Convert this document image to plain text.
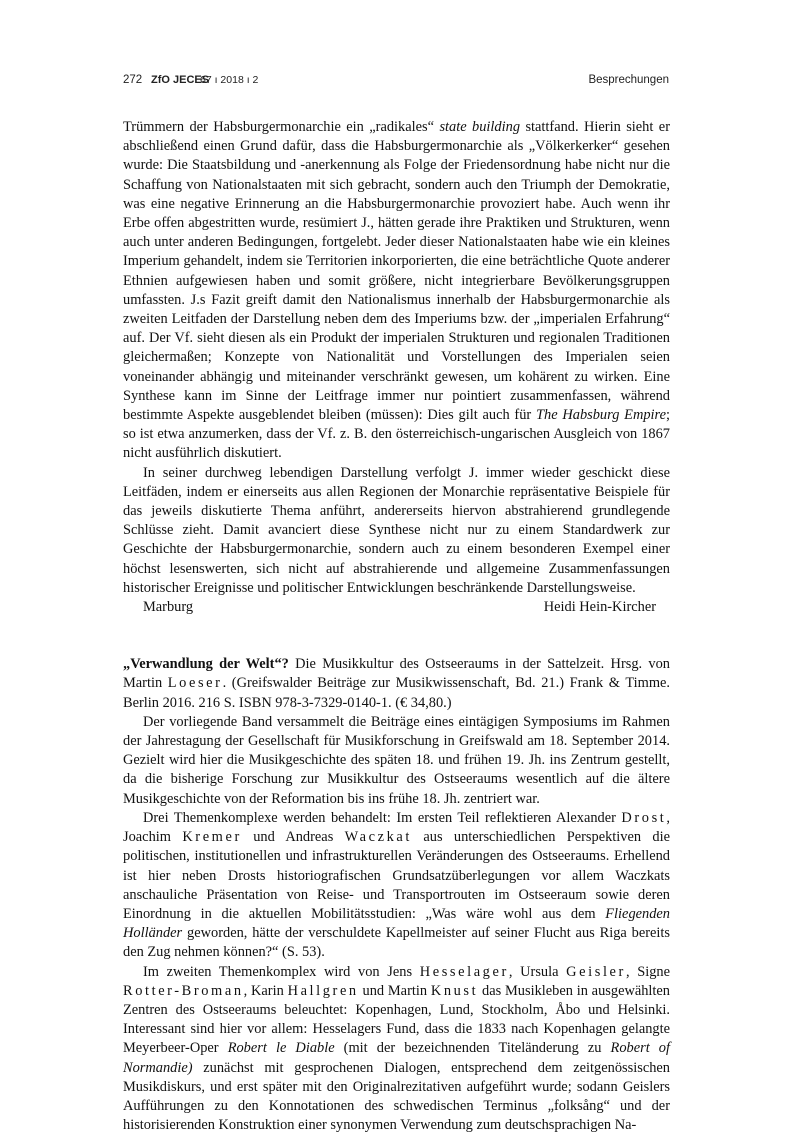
272 ZfO JECES
67 ı 2018 ı 2	Besprechungen

Trümmern der Habsburgermonarchie ein „radikales“ state building stattfand. Hierin sieht er abschließend einen Grund dafür, dass die Habsburgermonarchie als „Völkerkerker“ gesehen wurde: Die Staatsbildung und -anerkennung als Folge der Friedensordnung habe nicht nur die Schaffung von Nationalstaaten mit sich gebracht, sondern auch den Triumph der Demokratie, was eine negative Erinnerung an die Habsburgermonarchie provoziert habe. Auch wenn ihr Erbe offen abgestritten wurde, resümiert J., hätten gerade ihre Praktiken und Strukturen, wenn auch unter anderen Bedingungen, fortgelebt. Jeder dieser Nationalstaaten habe wie ein kleines Imperium gehandelt, indem sie Territorien inkorporierten, die eine beträchtliche Quote anderer Ethnien aufgewiesen haben und somit größere, nicht integrierbare Bevölkerungsgruppen umfassten. J.s Fazit greift damit den Nationalismus innerhalb der Habsburgermonarchie als zweiten Leitfaden der Darstellung neben dem des Imperiums bzw. der „imperialen Erfahrung“ auf. Der Vf. sieht diesen als ein Produkt der imperialen Strukturen und regionalen Traditionen gleichermaßen; Konzepte von Nationalität und Vorstellungen des Imperialen seien voneinander abhängig und miteinander verschränkt gewesen, um kohärent zu wirken. Eine Synthese kann im Sinne der Leitfrage immer nur pointiert zusammenfassen, während bestimmte Aspekte ausgeblendet bleiben (müssen): Dies gilt auch für The Habsburg Empire; so ist etwa anzumerken, dass der Vf. z. B. den österreichisch-ungarischen Ausgleich von 1867 nicht ausführlich diskutiert.

In seiner durchweg lebendigen Darstellung verfolgt J. immer wieder geschickt diese Leitfäden, indem er einerseits aus allen Regionen der Monarchie repräsentative Beispiele für das jeweils diskutierte Thema anführt, andererseits hiervon abstrahierend grundlegende Schlüsse zieht. Damit avanciert diese Synthese nicht nur zu einem Standardwerk zur Geschichte der Habsburgermonarchie, sondern auch zu einem besonderen Exempel einer höchst lesenswerten, sich nicht auf abstrahierende und allgemeine Zusammenfassungen historischer Ereignisse und politischer Entwicklungen beschränkende Darstellungsweise.

Marburg	Heidi Hein-Kircher

„Verwandlung der Welt“? Die Musikkultur des Ostseeraums in der Sattelzeit. Hrsg. von Martin Loeser. (Greifswalder Beiträge zur Musikwissenschaft, Bd. 21.) Frank & Timme. Berlin 2016. 216 S. ISBN 978-3-7329-0140-1. (€ 34,80.)

Der vorliegende Band versammelt die Beiträge eines eintägigen Symposiums im Rahmen der Jahrestagung der Gesellschaft für Musikforschung in Greifswald am 18. September 2014. Gezielt wird hier die Musikgeschichte des späten 18. und frühen 19. Jh. ins Zentrum gestellt, da die bisherige Forschung zur Musikkultur des Ostseeraums wesentlich auf die ältere Musikgeschichte von der Reformation bis ins frühe 18. Jh. zentriert war.

Drei Themenkomplexe werden behandelt: Im ersten Teil reflektieren Alexander Drost, Joachim Kremer und Andreas Waczkat aus unterschiedlichen Perspektiven die politischen, institutionellen und infrastrukturellen Veränderungen des Ostseeraums. Erhellend ist hier neben Drosts historiografischen Grundsatzüberlegungen vor allem Waczkats anschauliche Präsentation von Reise- und Transportrouten im Ostseeraum sowie deren Einordnung in die aktuellen Mobilitätsstudien: „Was wäre wohl aus dem Fliegenden Holländer geworden, hätte der verschuldete Kapellmeister auf seiner Flucht aus Riga bereits den Zug nehmen können?“ (S. 53).

Im zweiten Themenkomplex wird von Jens Hesselager, Ursula Geisler, Signe Rotter-Broman, Karin Hallgren und Martin Knust das Musikleben in ausgewählten Zentren des Ostseeraums beleuchtet: Kopenhagen, Lund, Stockholm, Åbo und Helsinki. Interessant sind hier vor allem: Hesselagers Fund, dass die 1833 nach Kopenhagen gelangte Meyerbeer-Oper Robert le Diable (mit der bezeichnenden Titeländerung zu Robert of Normandie) zunächst mit gesprochenen Dialogen, entsprechend dem zeitgenössischen Musikdiskurs, und erst später mit den Originalrezitativen aufgeführt wurde; sodann Geislers Aufführungen zu den Konnotationen des schwedischen Terminus „folksång“ und der historisierenden Konstruktion einer synonymen Verwendung zum deutschsprachigen Na-
